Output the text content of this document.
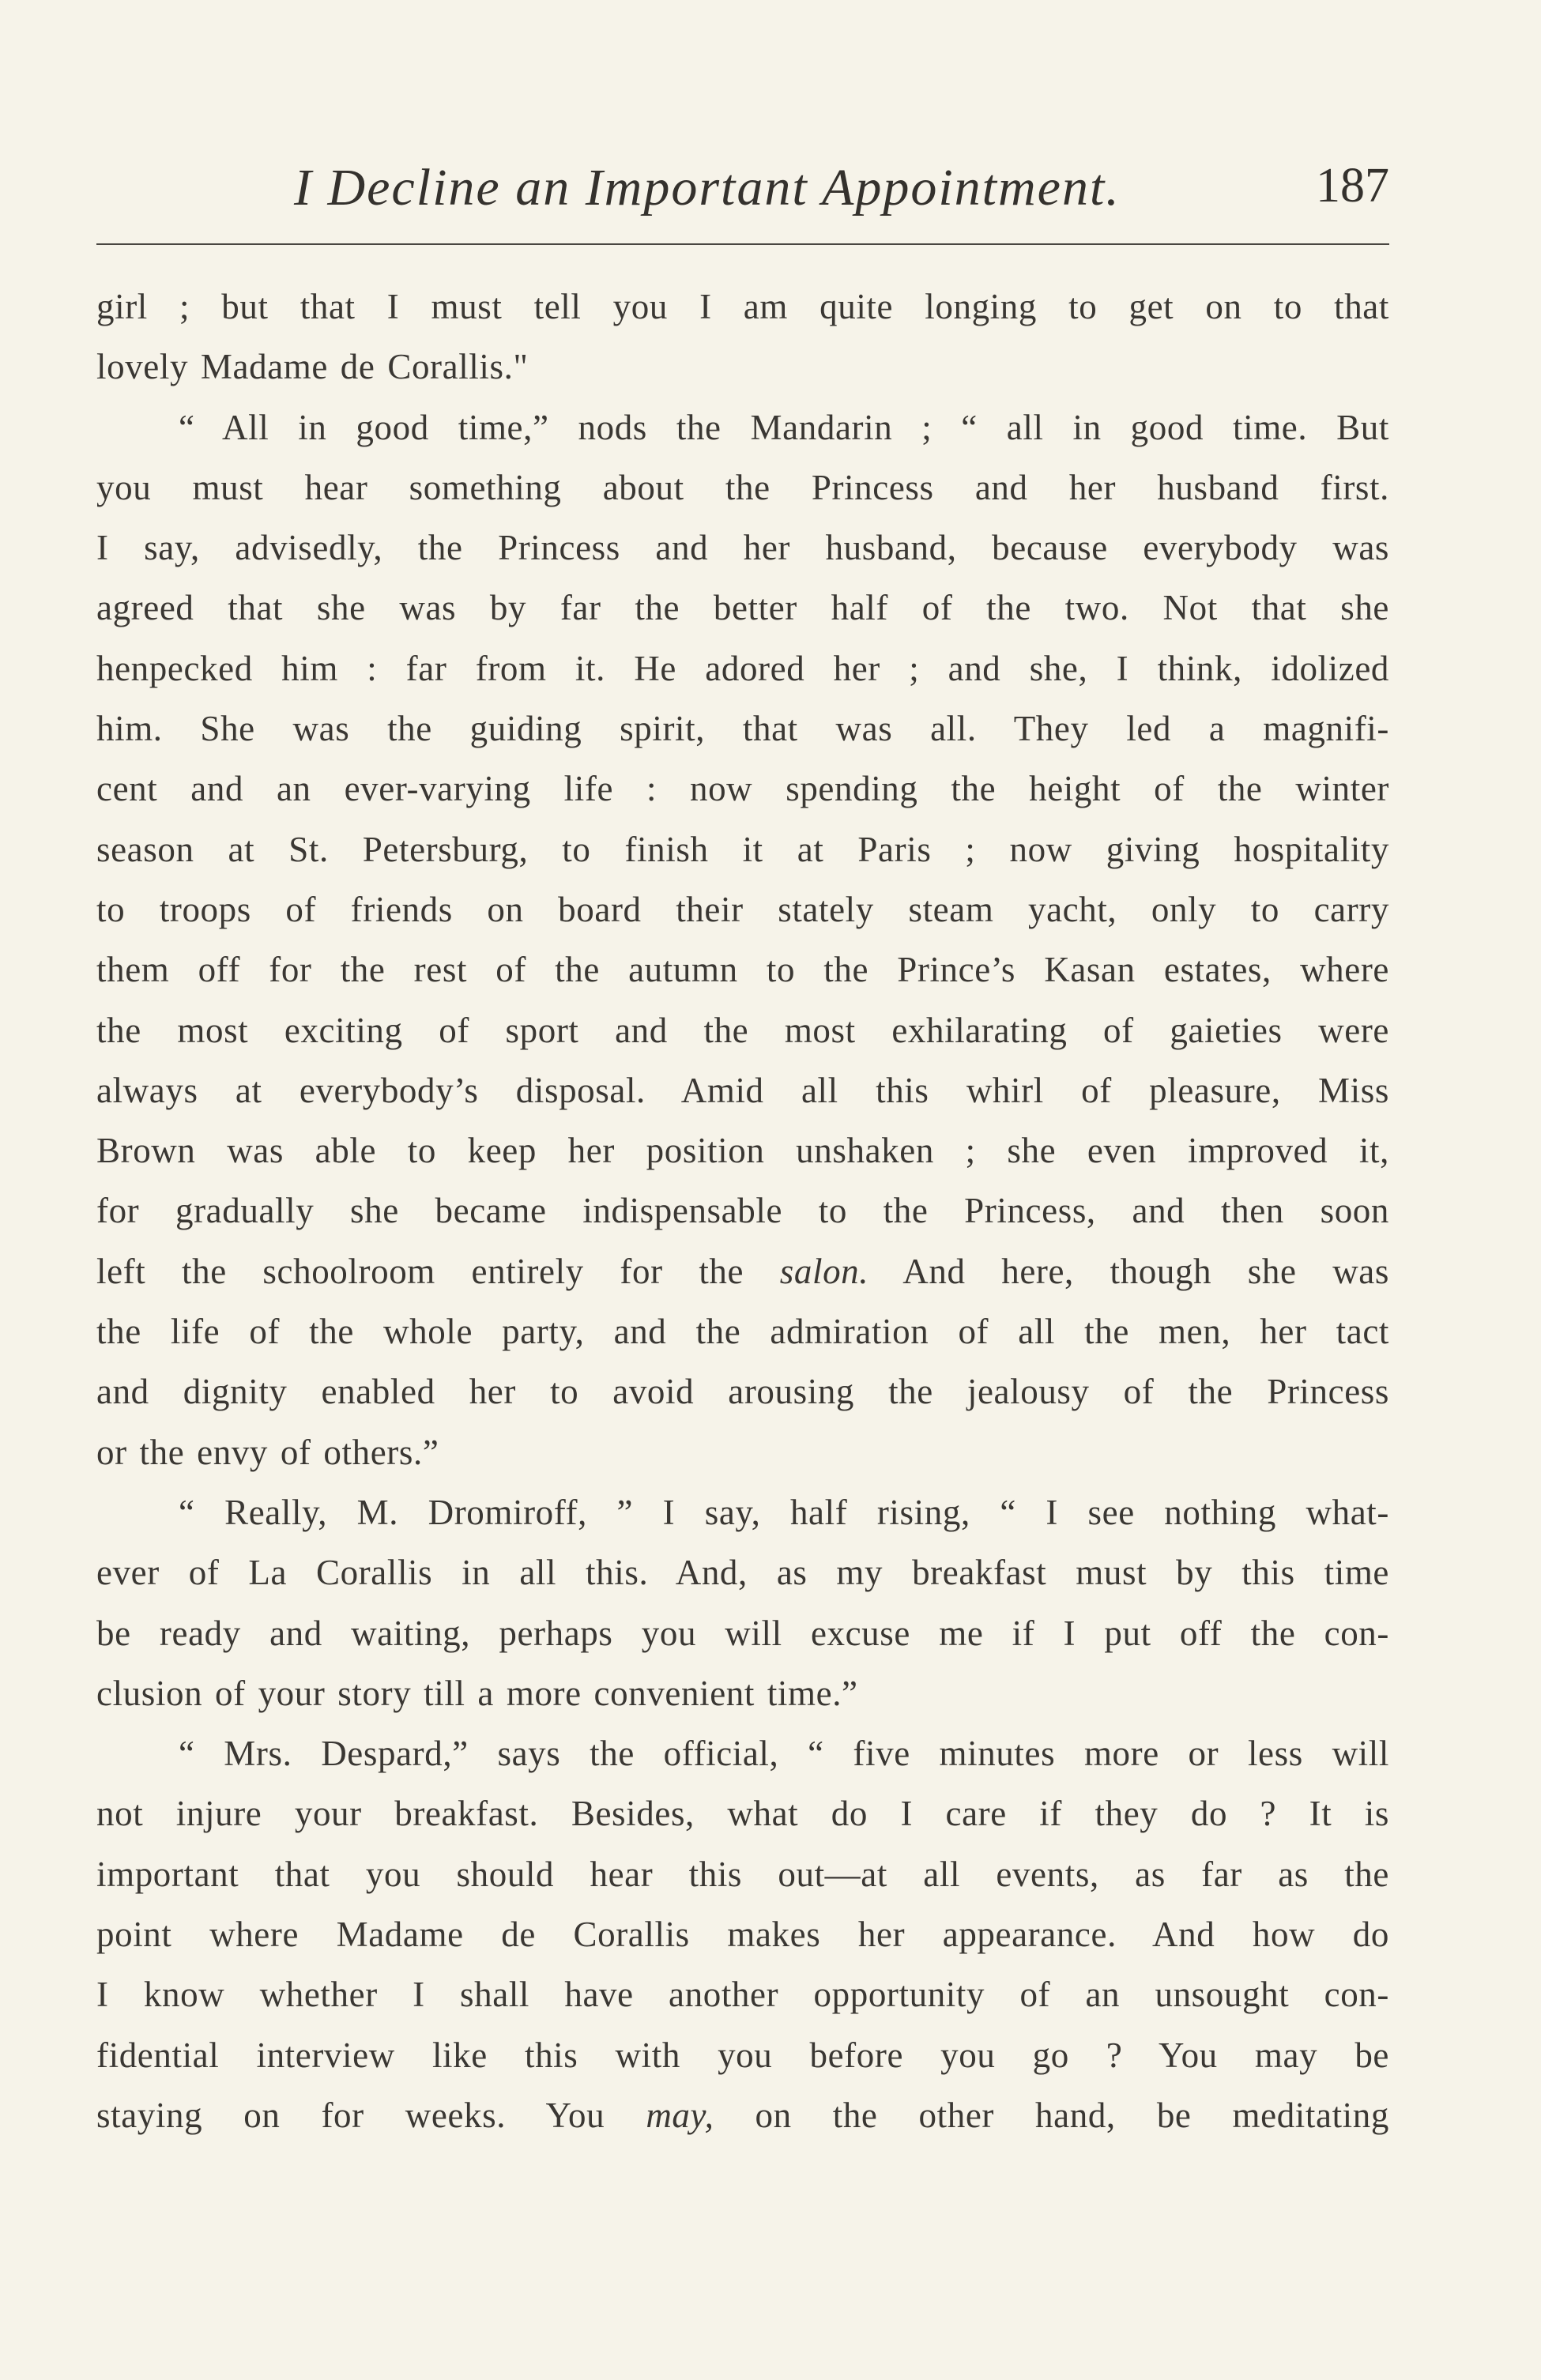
I Decline an Important Appointment.	187
girl ; but that I must tell you I am quite longing to get on to that
lovely Madame de Corallis."
“ All in good time,” nods the Mandarin ; “ all in good time. But
you must hear something about the Princess and her husband first.
I say, advisedly, the Princess and her husband, because everybody was
agreed that she was by far the better half of the two. Not that she
henpecked him : far from it. He adored her ; and she, I think, idolized
him. She was the guiding spirit, that was all. They led a magnifi-
cent and an ever-varying life : now spending the height of the winter
season at St. Petersburg, to finish it at Paris ; now giving hospitality
to troops of friends on board their stately steam yacht, only to carry
them off for the rest of the autumn to the Prince’s Kasan estates, where
the most exciting of sport and the most exhilarating of gaieties were
always at everybody’s disposal. Amid all this whirl of pleasure, Miss
Brown was able to keep her position unshaken ; she even improved it,
for gradually she became indispensable to the Princess, and then soon
left the schoolroom entirely for the salon. And here, though she was
the life of the whole party, and the admiration of all the men, her tact
and dignity enabled her to avoid arousing the jealousy of the Princess
or the envy of others.”
“ Really, M. Dromiroff, ” I say, half rising, “ I see nothing what-
ever of La Corallis in all this. And, as my breakfast must by this time
be ready and waiting, perhaps you will excuse me if I put off the con-
clusion of your story till a more convenient time.”
“ Mrs. Despard,” says the official, “ five minutes more or less will
not injure your breakfast. Besides, what do I care if they do ? It is
important that you should hear this out—at all events, as far as the
point where Madame de Corallis makes her appearance. And how do
I know whether I shall have another opportunity of an unsought con-
fidential interview like this with you before you go ? You may be
staying on for weeks. You may, on the other hand, be meditating
